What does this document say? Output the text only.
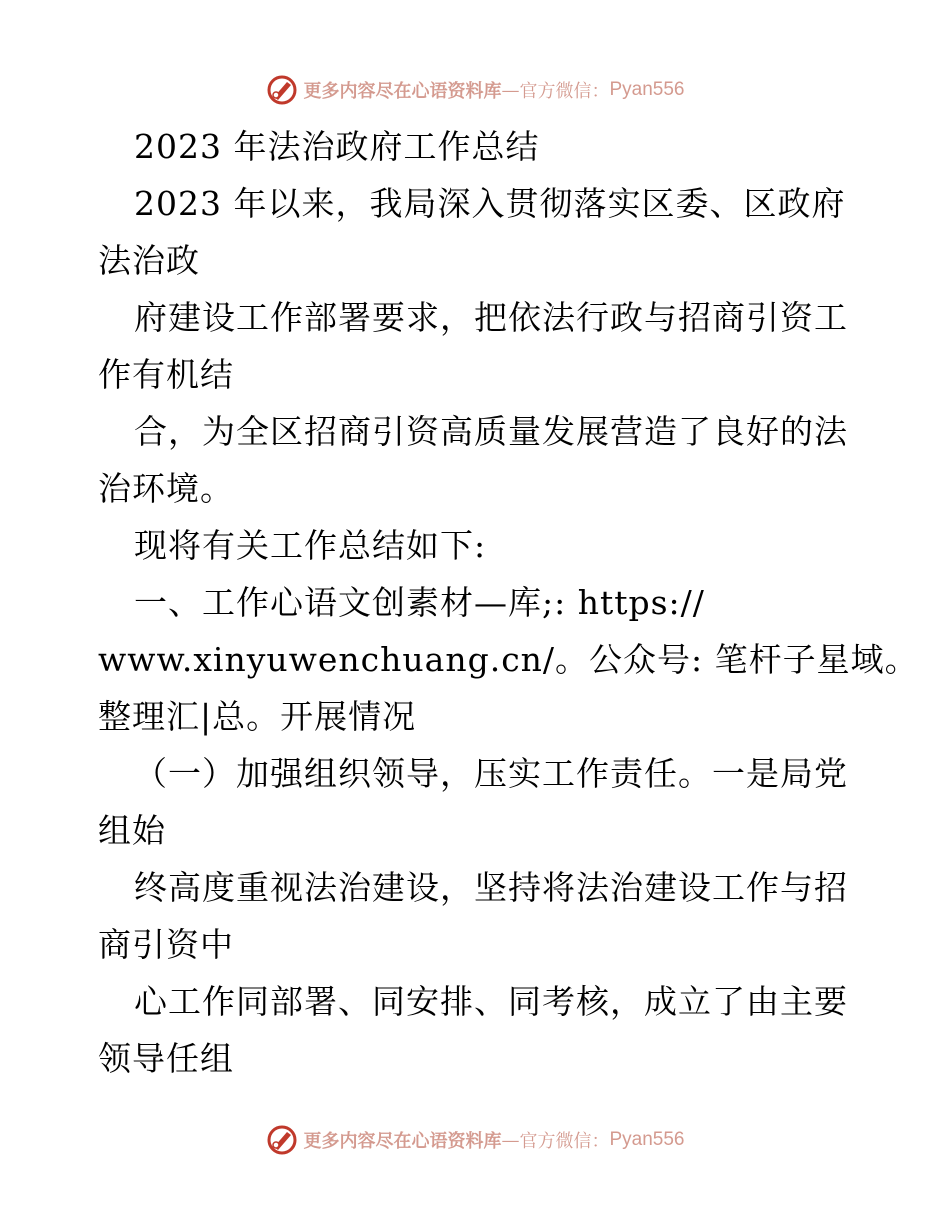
更多内容尽在心语资料库 — 官方微信： Pyan556
2023 年法治政府工作总结
2023 年以来，我局深入贯彻落实区委、区政府
法治政
府建设工作部署要求，把依法行政与招商引资工
作有机结
合，为全区招商引资高质量发展营造了良好的法
治环境。
现将有关工作总结如下:
一、工作心语文创素材—库;: https://
www.xinyuwenchuang.cn/。公众号: 笔杆子星域。
整理汇|总。开展情况
（一）加强组织领导，压实工作责任。一是局党
组始
终高度重视法治建设，坚持将法治建设工作与招
商引资中
心工作同部署、同安排、同考核，成立了由主要
领导任组
更多内容尽在心语资料库 — 官方微信： Pyan556
